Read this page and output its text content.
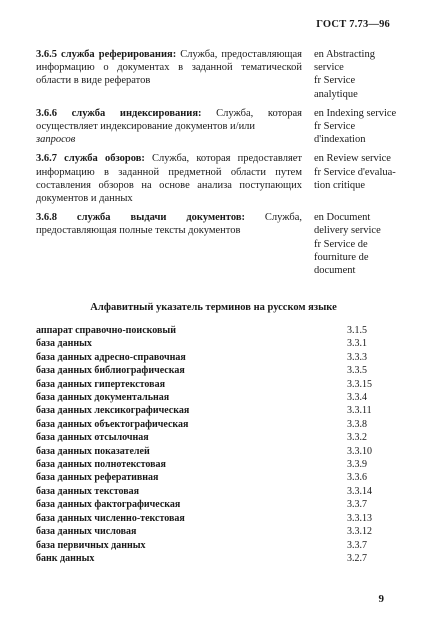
ГОСТ 7.73—96
3.6.5 служба реферирования: Служба, предоставляющая информацию о документах в заданной тематической области в виде рефератов
en Abstracting
service
fr Service
analytique
3.6.6 служба индексирования: Служба, которая осуществляет индексирование документов и/или
запросов
en Indexing service
fr Service
d'indexation
3.6.7 служба обзоров: Служба, которая предоставляет информацию в заданной предметной области путем составления обзоров на основе анализа поступающих документов и данных
en Review service
fr Service d'evalua-
tion critique
3.6.8 служба выдачи документов: Служба, предоставляющая полные тексты документов
en Document
delivery service
fr Service de
fourniture de
document
Алфавитный указатель терминов на русском языке
аппарат справочно-поисковый	3.1.5
база данных	3.3.1
база данных адресно-справочная	3.3.3
база данных библиографическая	3.3.5
база данных гипертекстовая	3.3.15
база данных документальная	3.3.4
база данных лексикографическая	3.3.11
база данных объектографическая	3.3.8
база данных отсылочная	3.3.2
база данных показателей	3.3.10
база данных полнотекстовая	3.3.9
база данных реферативная	3.3.6
база данных текстовая	3.3.14
база данных фактографическая	3.3.7
база данных численно-текстовая	3.3.13
база данных числовая	3.3.12
база первичных данных	3.3.7
банк данных	3.2.7
9
